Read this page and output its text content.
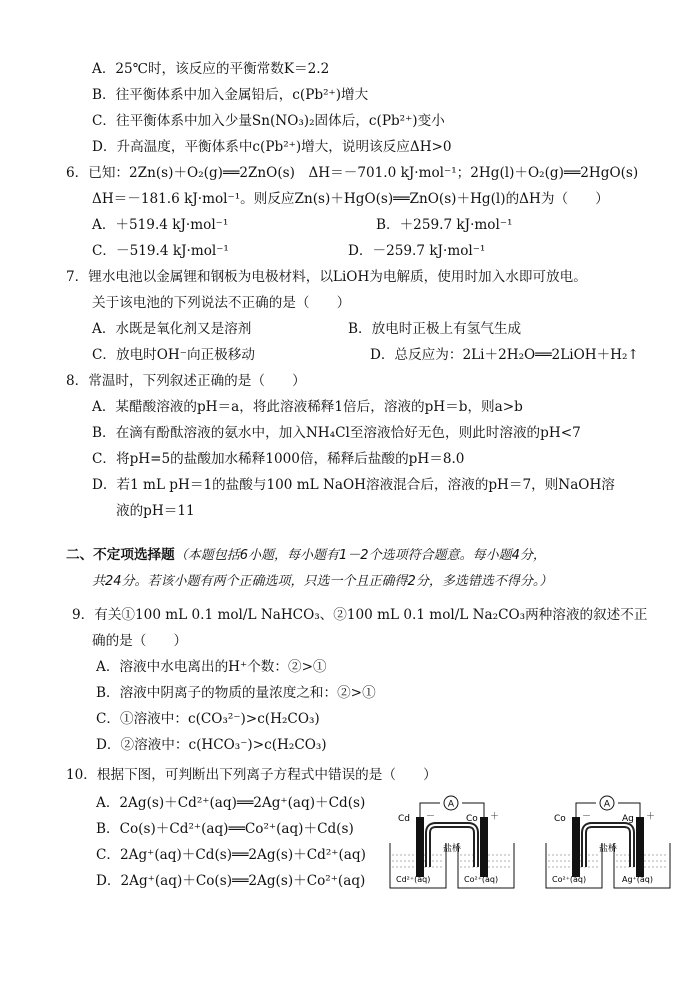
A．25℃时，该反应的平衡常数K＝2.2
B．往平衡体系中加入金属铅后，c(Pb²⁺)增大
C．往平衡体系中加入少量Sn(NO₃)₂固体后，c(Pb²⁺)变小
D．升高温度，平衡体系中c(Pb²⁺)增大，说明该反应ΔH>0
6．已知：2Zn(s)＋O₂(g)══2ZnO(s)　ΔH＝－701.0 kJ·mol⁻¹；2Hg(l)＋O₂(g)══2HgO(s)
ΔH＝－181.6 kJ·mol⁻¹。则反应Zn(s)＋HgO(s)══ZnO(s)＋Hg(l)的ΔH为（　　）
A．＋519.4 kJ·mol⁻¹	B．＋259.7 kJ·mol⁻¹
C．－519.4 kJ·mol⁻¹	D．－259.7 kJ·mol⁻¹
7．锂水电池以金属锂和钢板为电极材料，以LiOH为电解质，使用时加入水即可放电。
关于该电池的下列说法不正确的是（　　）
A．水既是氧化剂又是溶剂	B．放电时正极上有氢气生成
C．放电时OH⁻向正极移动	D．总反应为：2Li＋2H₂O══2LiOH＋H₂↑
8．常温时，下列叙述正确的是（　　）
A．某醋酸溶液的pH＝a，将此溶液稀释1倍后，溶液的pH＝b，则a>b
B．在滴有酚酞溶液的氨水中，加入NH₄Cl至溶液恰好无色，则此时溶液的pH<7
C．将pH=5的盐酸加水稀释1000倍，稀释后盐酸的pH＝8.0
D．若1 mL pH＝1的盐酸与100 mL NaOH溶液混合后，溶液的pH＝7，则NaOH溶
液的pH＝11
二、不定项选择题（本题包括6小题，每小题有1－2个选项符合题意。每小题4分，
共24分。若该小题有两个正确选项，只选一个且正确得2分，多选错选不得分。）
9．有关①100 mL 0.1 mol/L NaHCO₃、②100 mL 0.1 mol/L Na₂CO₃两种溶液的叙述不正
确的是（　　）
A．溶液中水电离出的H⁺个数：②>①
B．溶液中阴离子的物质的量浓度之和：②>①
C．①溶液中：c(CO₃²⁻)>c(H₂CO₃)
D．②溶液中：c(HCO₃⁻)>c(H₂CO₃)
10．根据下图，可判断出下列离子方程式中错误的是（　　）
A．2Ag(s)＋Cd²⁺(aq)══2Ag⁺(aq)＋Cd(s)
B．Co(s)＋Cd²⁺(aq)══Co²⁺(aq)＋Cd(s)
C．2Ag⁺(aq)＋Cd(s)══2Ag(s)＋Cd²⁺(aq)
D．2Ag⁺(aq)＋Co(s)══2Ag(s)＋Co²⁺(aq)
A
盐桥
Cd －	Co ＋
Cd²⁺(aq)	Co²⁺(aq)
A
盐桥
Co －	Ag ＋
Co²⁺(aq)	Ag⁺(aq)
